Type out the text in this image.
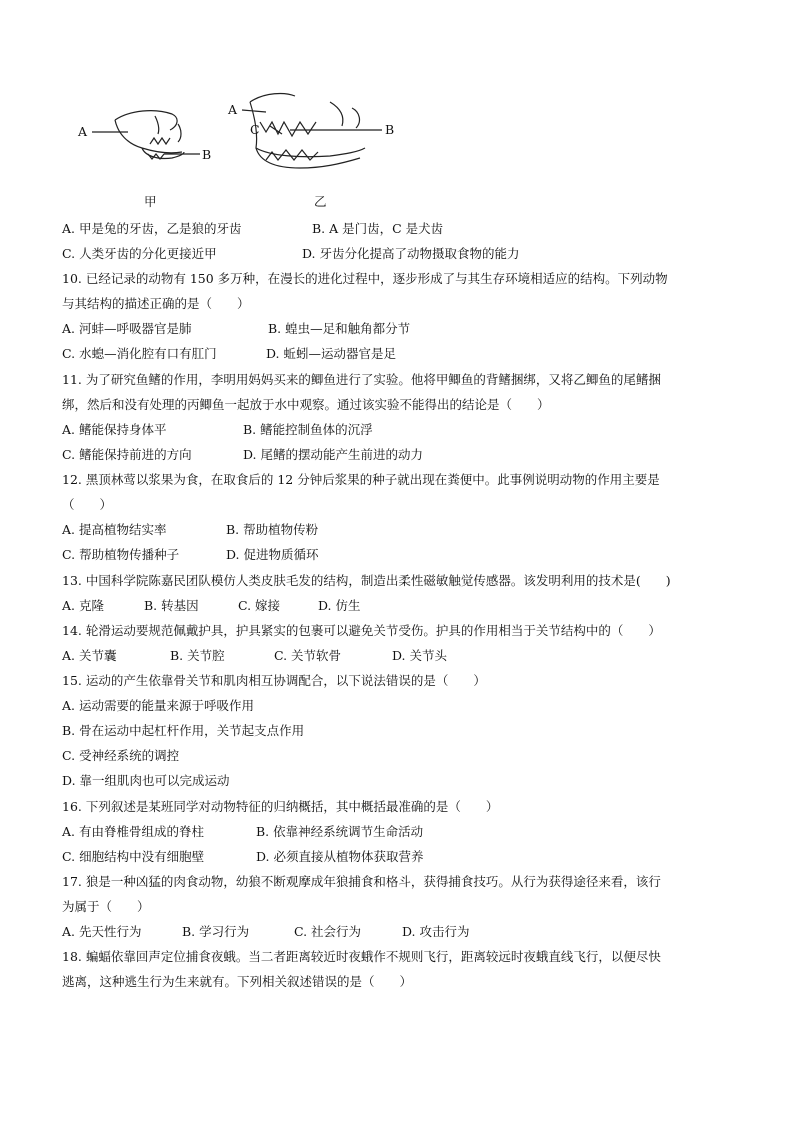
A
B
A
C	B
甲	乙
A. 甲是兔的牙齿，乙是狼的牙齿	B. A 是门齿，C 是犬齿
C. 人类牙齿的分化更接近甲	D. 牙齿分化提高了动物摄取食物的能力
10. 已经记录的动物有 150 多万种，在漫长的进化过程中，逐步形成了与其生存环境相适应的结构。下列动物
与其结构的描述正确的是（　　）
A. 河蚌—呼吸器官是肺	B. 蝗虫—足和触角都分节
C. 水螅—消化腔有口有肛门	D. 蚯蚓—运动器官是足
11. 为了研究鱼鳍的作用，李明用妈妈买来的鲫鱼进行了实验。他将甲鲫鱼的背鳍捆绑，又将乙鲫鱼的尾鳍捆
绑，然后和没有处理的丙鲫鱼一起放于水中观察。通过该实验不能得出的结论是（　　）
A. 鳍能保持身体平	B. 鳍能控制鱼体的沉浮
C. 鳍能保持前进的方向	D. 尾鳍的摆动能产生前进的动力
12. 黑顶林莺以浆果为食，在取食后的 12 分钟后浆果的种子就出现在粪便中。此事例说明动物的作用主要是
（　　）
A. 提高植物结实率	B. 帮助植物传粉
C. 帮助植物传播种子	D. 促进物质循环
13. 中国科学院陈嘉民团队模仿人类皮肤毛发的结构，制造出柔性磁敏触觉传感器。该发明利用的技术是(　　)
A. 克隆	B. 转基因	C. 嫁接	D. 仿生
14. 轮滑运动要规范佩戴护具，护具紧实的包裹可以避免关节受伤。护具的作用相当于关节结构中的（　　）
A. 关节囊	B. 关节腔	C. 关节软骨	D. 关节头
15. 运动的产生依靠骨关节和肌肉相互协调配合，以下说法错误的是（　　）
A. 运动需要的能量来源于呼吸作用
B. 骨在运动中起杠杆作用，关节起支点作用
C. 受神经系统的调控
D. 靠一组肌肉也可以完成运动
16. 下列叙述是某班同学对动物特征的归纳概括，其中概括最准确的是（　　）
A. 有由脊椎骨组成的脊柱	B. 依靠神经系统调节生命活动
C. 细胞结构中没有细胞壁	D. 必须直接从植物体获取营养
17. 狼是一种凶猛的肉食动物，幼狼不断观摩成年狼捕食和格斗，获得捕食技巧。从行为获得途径来看，该行
为属于（　　）
A. 先天性行为	B. 学习行为	C. 社会行为	D. 攻击行为
18. 蝙蝠依靠回声定位捕食夜蛾。当二者距离较近时夜蛾作不规则飞行，距离较远时夜蛾直线飞行，以便尽快
逃离，这种逃生行为生来就有。下列相关叙述错误的是（　　）
